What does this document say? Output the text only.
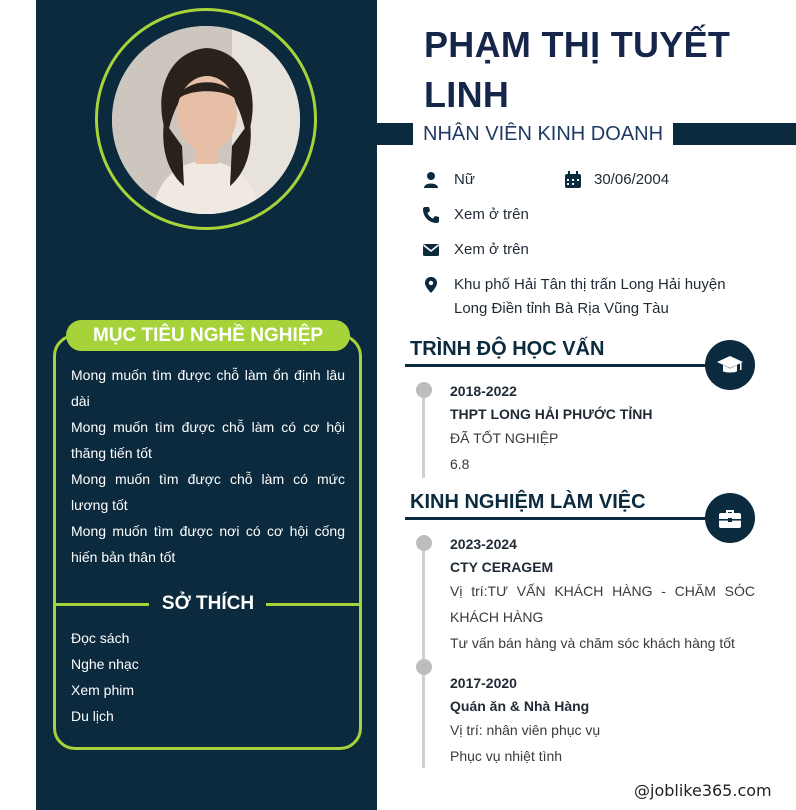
MỤC TIÊU NGHỀ NGHIỆP

Mong muốn tìm được chỗ làm ổn định lâu dài

Mong muốn tìm được chỗ làm có cơ hội thăng tiến tốt

Mong muốn tìm được chỗ làm có mức lương tốt

Mong muốn tìm được nơi có cơ hội cống hiến bản thân tốt

SỞ THÍCH
Đọc sách
Nghe nhạc
Xem phim
Du lịch
PHẠM THỊ TUYẾT LINH
NHÂN VIÊN KINH DOANH
Nữ	30/06/2004
Xem ở trên
Xem ở trên
Khu phố Hải Tân thị trấn Long Hải huyện
Long Điền tỉnh Bà Rịa Vũng Tàu
TRÌNH ĐỘ HỌC VẤN
2018-2022
THPT LONG HẢI PHƯỚC TỈNH
ĐÃ TỐT NGHIỆP
6.8
KINH NGHIỆM LÀM VIỆC
2023-2024
CTY CERAGEM
Vị trí:TƯ VẤN KHÁCH HÀNG - CHĂM SÓC KHÁCH HÀNG
Tư vấn bán hàng và chăm sóc khách hàng tốt
2017-2020
Quán ăn & Nhà Hàng
Vị trí: nhân viên phục vụ
Phục vụ nhiệt tình
@joblike365.com
